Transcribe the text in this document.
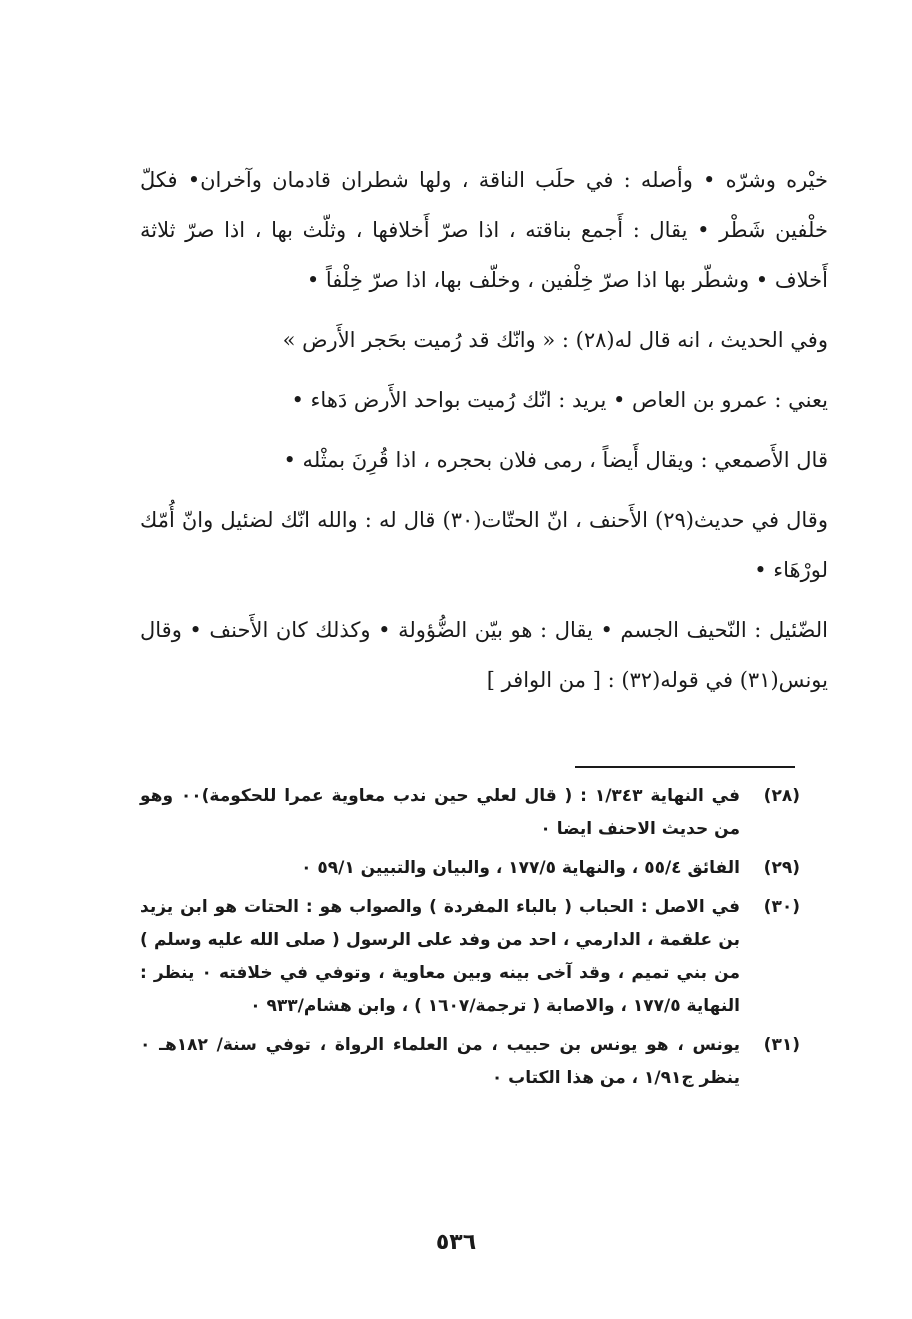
خيْره وشرّه • وأصله : في حلَب الناقة ، ولها شطران قادمان وآخران• فكلّ خلْفين شَطْر • يقال : أَجمع بناقته ، اذا صرّ أَخلافها ، وثلّث بها ، اذا صرّ ثلاثة أَخلاف • وشطّر بها اذا صرّ خِلْفين ، وخلّف بها، اذا صرّ خِلْفاً •

وفي الحديث ، انه قال له(٢٨) : « وانّك قد رُميت بحَجر الأَرض »

يعني : عمرو بن العاص • يريد : انّك رُميت بواحد الأَرض دَهاء •

قال الأَصمعي : ويقال أَيضاً ، رمى فلان بحجره ، اذا قُرِنَ بمثْله •

وقال في حديث(٢٩) الأَحنف ، انّ الحتّات(٣٠) قال له : والله انّك لضئيل وانّ أُمّك لورْهَاء •

الضّئيل : النّحيف الجسم • يقال : هو بيّن الضُّؤولة • وكذلك كان الأَحنف • وقال يونس(٣١) في قوله(٣٢) : [ من الوافر ]

(٢٨)
في النهاية ١/٣٤٣ : ( قال لعلي حين ندب معاوية عمرا للحكومة)٠٠ وهو من حديث الاحنف ايضا ٠
(٢٩)
الفائق ٥٥/٤ ، والنهاية ١٧٧/٥ ، والبيان والتبيين ٥٩/١ ٠
(٣٠)
في الاصل : الحباب ( بالباء المفردة ) والصواب هو : الحتات هو ابن يزيد بن علقمة ، الدارمي ، احد من وفد على الرسول ( صلى الله عليه وسلم ) من بني تميم ، وقد آخى بينه وبين معاوية ، وتوفي في خلافته ٠ ينظر : النهاية ١٧٧/٥ ، والاصابة ( ترجمة/١٦٠٧ ) ، وابن هشام/٩٣٣ ٠
(٣١)
يونس ، هو يونس بن حبيب ، من العلماء الرواة ، توفي سنة/ ١٨٢هـ ٠ ينظر ج١/٩١ ، من هذا الكتاب ٠
٥٣٦
